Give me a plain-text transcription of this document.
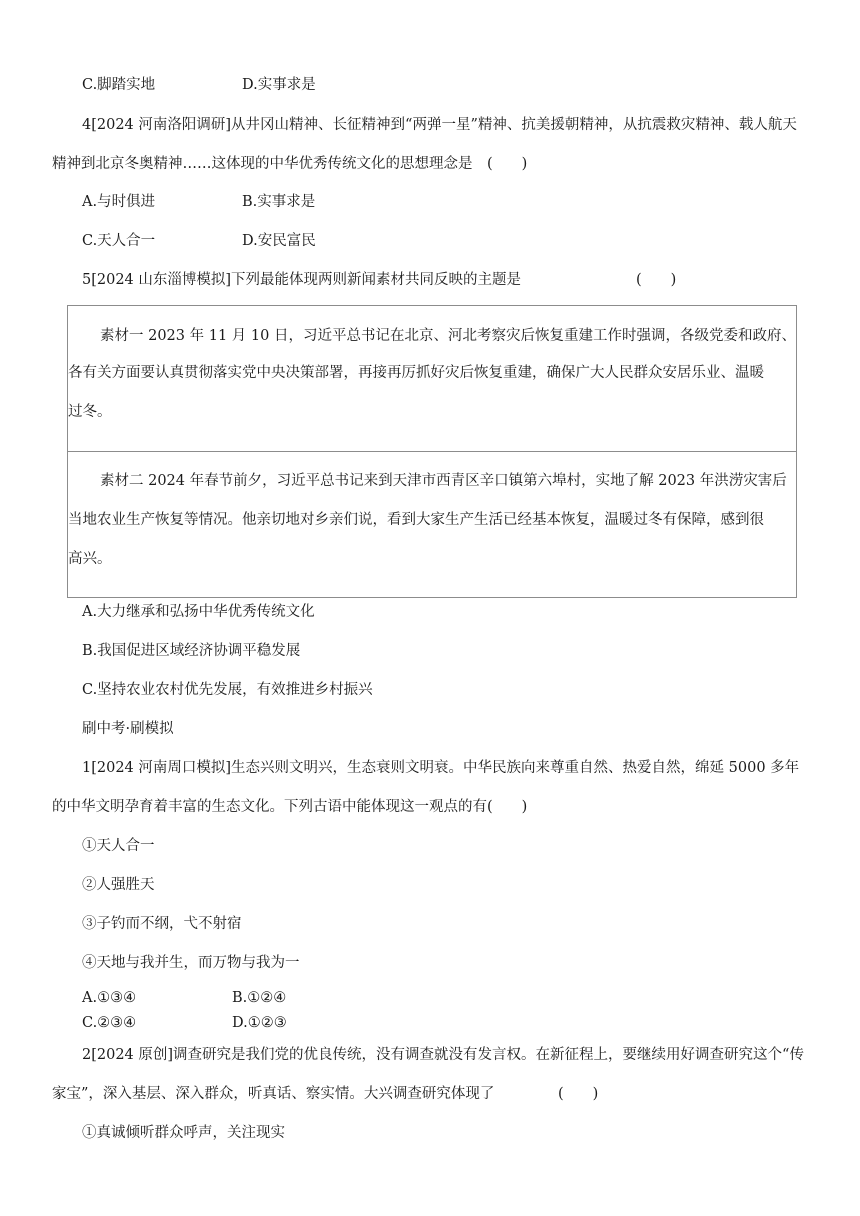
C.脚踏实地	D.实事求是
4[2024 河南洛阳调研]从井冈山精神、长征精神到“两弹一星”精神、抗美援朝精神，从抗震救灾精神、载人航天
精神到北京冬奥精神……这体现的中华优秀传统文化的思想理念是　(　　)
A.与时俱进	B.实事求是
C.天人合一	D.安民富民
5[2024 山东淄博模拟]下列最能体现两则新闻素材共同反映的主题是	(　　)
素材一 2023 年 11 月 10 日，习近平总书记在北京、河北考察灾后恢复重建工作时强调，各级党委和政府、
各有关方面要认真贯彻落实党中央决策部署，再接再厉抓好灾后恢复重建，确保广大人民群众安居乐业、温暖
过冬。
素材二 2024 年春节前夕，习近平总书记来到天津市西青区辛口镇第六埠村，实地了解 2023 年洪涝灾害后
当地农业生产恢复等情况。他亲切地对乡亲们说，看到大家生产生活已经基本恢复，温暖过冬有保障，感到很
高兴。
A.大力继承和弘扬中华优秀传统文化
B.我国促进区域经济协调平稳发展
C.坚持农业农村优先发展，有效推进乡村振兴
刷中考·刷模拟
1[2024 河南周口模拟]生态兴则文明兴，生态衰则文明衰。中华民族向来尊重自然、热爱自然，绵延 5000 多年
的中华文明孕育着丰富的生态文化。下列古语中能体现这一观点的有(　　)
①天人合一
②人强胜天
③子钓而不纲，弋不射宿
④天地与我并生，而万物与我为一
A.①③④	B.①②④
C.②③④	D.①②③
2[2024 原创]调查研究是我们党的优良传统，没有调查就没有发言权。在新征程上，要继续用好调查研究这个“传
家宝”，深入基层、深入群众，听真话、察实情。大兴调查研究体现了	(　　)
①真诚倾听群众呼声，关注现实
